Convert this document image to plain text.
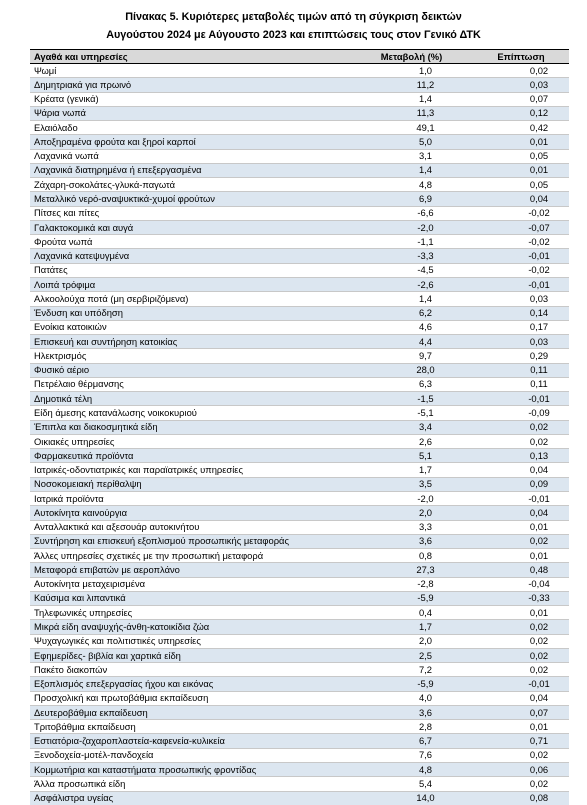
Πίνακας 5. Κυριότερες μεταβολές τιμών από τη σύγκριση δεικτών
Αυγούστου 2024 με Αύγουστο 2023 και επιπτώσεις τους στον Γενικό ΔΤΚ
Αγαθά και υπηρεσίες	Μεταβολή (%)	Επίπτωση
Ψωμί	1,0	0,02
Δημητριακά για πρωινό	11,2	0,03
Κρέατα (γενικά)	1,4	0,07
Ψάρια νωπά	11,3	0,12
Ελαιόλαδο	49,1	0,42
Αποξηραμένα φρούτα και ξηροί καρποί	5,0	0,01
Λαχανικά νωπά	3,1	0,05
Λαχανικά διατηρημένα ή επεξεργασμένα	1,4	0,01
Ζάχαρη-σοκολάτες-γλυκά-παγωτά	4,8	0,05
Μεταλλικό νερό-αναψυκτικά-χυμοί φρούτων	6,9	0,04
Πίτσες και πίτες	-6,6	-0,02
Γαλακτοκομικά και αυγά	-2,0	-0,07
Φρούτα νωπά	-1,1	-0,02
Λαχανικά κατεψυγμένα	-3,3	-0,01
Πατάτες	-4,5	-0,02
Λοιπά τρόφιμα	-2,6	-0,01
Αλκοολούχα ποτά (μη σερβιριζόμενα)	1,4	0,03
Ένδυση και υπόδηση	6,2	0,14
Ενοίκια κατοικιών	4,6	0,17
Επισκευή και συντήρηση κατοικίας	4,4	0,03
Ηλεκτρισμός	9,7	0,29
Φυσικό αέριο	28,0	0,11
Πετρέλαιο θέρμανσης	6,3	0,11
Δημοτικά τέλη	-1,5	-0,01
Είδη άμεσης κατανάλωσης νοικοκυριού	-5,1	-0,09
Έπιπλα και διακοσμητικά είδη	3,4	0,02
Οικιακές υπηρεσίες	2,6	0,02
Φαρμακευτικά προϊόντα	5,1	0,13
Ιατρικές-οδοντιατρικές και παραϊατρικές υπηρεσίες	1,7	0,04
Νοσοκομειακή περίθαλψη	3,5	0,09
Ιατρικά προϊόντα	-2,0	-0,01
Αυτοκίνητα καινούργια	2,0	0,04
Ανταλλακτικά και αξεσουάρ αυτοκινήτου	3,3	0,01
Συντήρηση και επισκευή εξοπλισμού προσωπικής μεταφοράς	3,6	0,02
Άλλες υπηρεσίες σχετικές με την προσωπική μεταφορά	0,8	0,01
Μεταφορά επιβατών με αεροπλάνο	27,3	0,48
Αυτοκίνητα μεταχειρισμένα	-2,8	-0,04
Καύσιμα και λιπαντικά	-5,9	-0,33
Τηλεφωνικές υπηρεσίες	0,4	0,01
Μικρά είδη αναψυχής-άνθη-κατοικίδια ζώα	1,7	0,02
Ψυχαγωγικές και πολιτιστικές υπηρεσίες	2,0	0,02
Εφημερίδες- βιβλία και χαρτικά είδη	2,5	0,02
Πακέτο διακοπών	7,2	0,02
Εξοπλισμός επεξεργασίας ήχου και εικόνας	-5,9	-0,01
Προσχολική και πρωτοβάθμια εκπαίδευση	4,0	0,04
Δευτεροβάθμια εκπαίδευση	3,6	0,07
Τριτοβάθμια εκπαίδευση	2,8	0,01
Εστιατόρια-ζαχαροπλαστεία-καφενεία-κυλικεία	6,7	0,71
Ξενοδοχεία-μοτέλ-πανδοχεία	7,6	0,02
Κομμωτήρια και καταστήματα προσωπικής φροντίδας	4,8	0,06
Άλλα προσωπικά είδη	5,4	0,02
Ασφάλιστρα υγείας	14,0	0,08
